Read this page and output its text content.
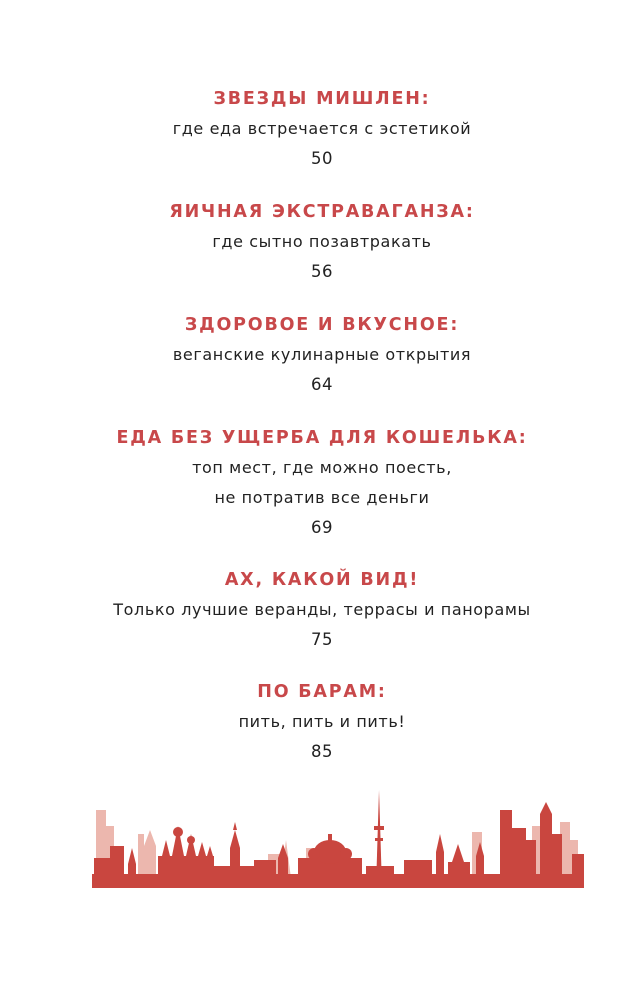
ЗВЕЗДЫ МИШЛЕН:
где еда встречается с эстетикой
50
ЯИЧНАЯ ЭКСТРАВАГАНЗА:
где сытно позавтракать
56
ЗДОРОВОЕ И ВКУСНОЕ:
веганские кулинарные открытия
64
ЕДА БЕЗ УЩЕРБА ДЛЯ КОШЕЛЬКА:
топ мест, где можно поесть,
не потратив все деньги
69
АХ, КАКОЙ ВИД!
Только лучшие веранды, террасы и панорамы
75
ПО БАРАМ:
пить, пить и пить!
85
